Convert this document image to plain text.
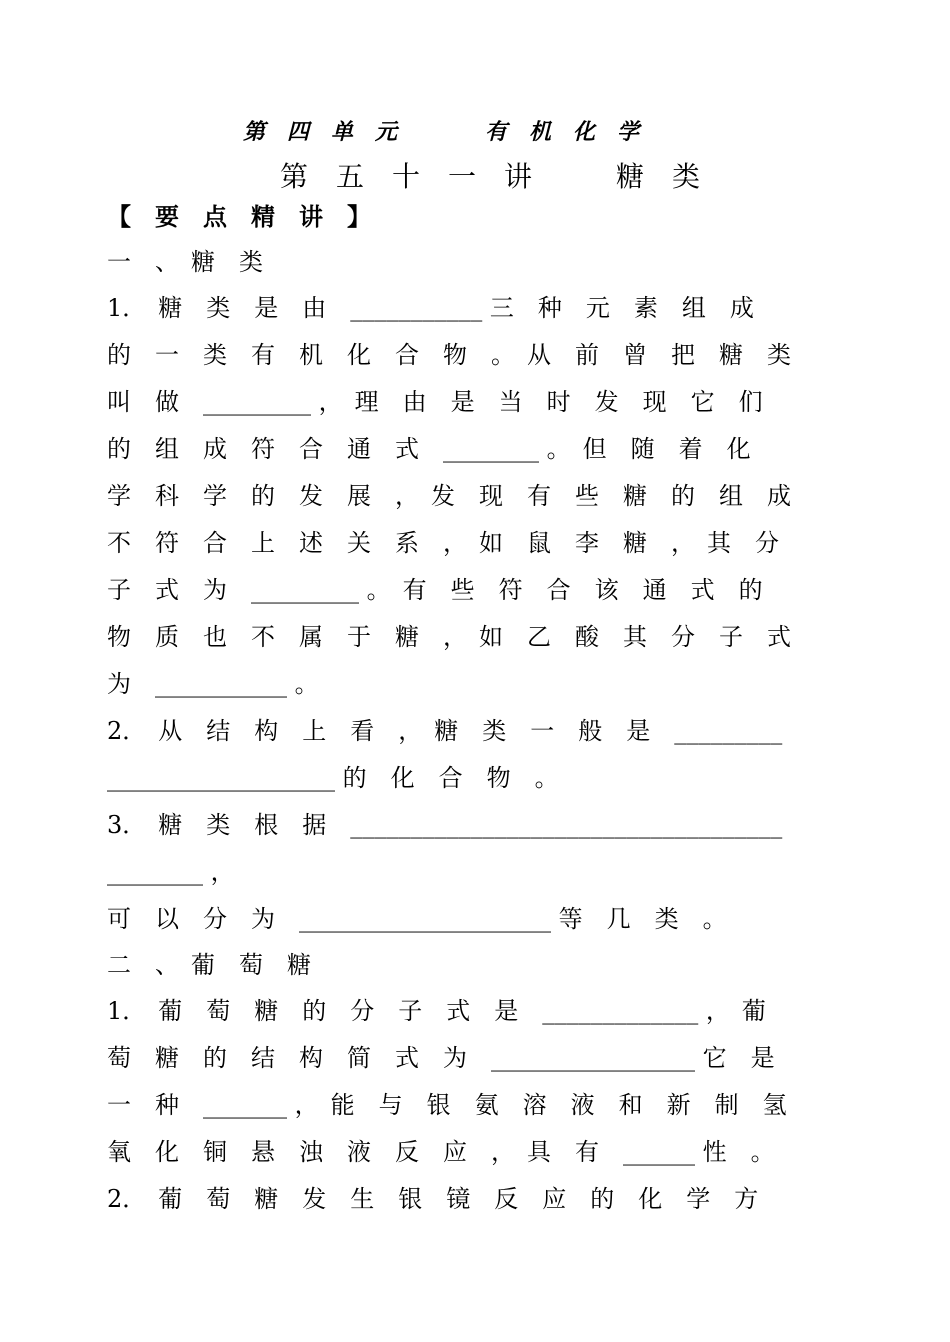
第　四　单　元　　　　有　机　化　学
第　五　十　一　讲　　　糖　类
【　要　点　精　讲　】
一　、　糖　类
1．　糖　类　是　由　___________ 三　种　元　素　组　成
的　一　类　有　机　化　合　物　。　从　前　曾　把　糖　类
叫　做　_________ ，　理　由　是　当　时　发　现　它　们
的　组　成　符　合　通　式　________ 。　但　随　着　化
学　科　学　的　发　展　，　发　现　有　些　糖　的　组　成
不　符　合　上　述　关　系　，　如　鼠　李　糖　，　其　分
子　式　为　_________ 。　有　些　符　合　该　通　式　的
物　质　也　不　属　于　糖　，　如　乙　酸　其　分　子　式
为　___________ 。
2．　从　结　构　上　看　，　糖　类　一　般　是　_________
___________________ 的　化　合　物　。
3．　糖　类　根　据　____________________________________
________ ，
可　以　分　为　_____________________ 等　几　类　。
二　、　葡　萄　糖
1．　葡　萄　糖　的　分　子　式　是　_____________ ，　葡
萄　糖　的　结　构　简　式　为　_________________ 它　是
一　种　_______ ，　能　与　银　氨　溶　液　和　新　制　氢
氧　化　铜　悬　浊　液　反　应　，　具　有　______ 性　。
2．　葡　萄　糖　发　生　银　镜　反　应　的　化　学　方
